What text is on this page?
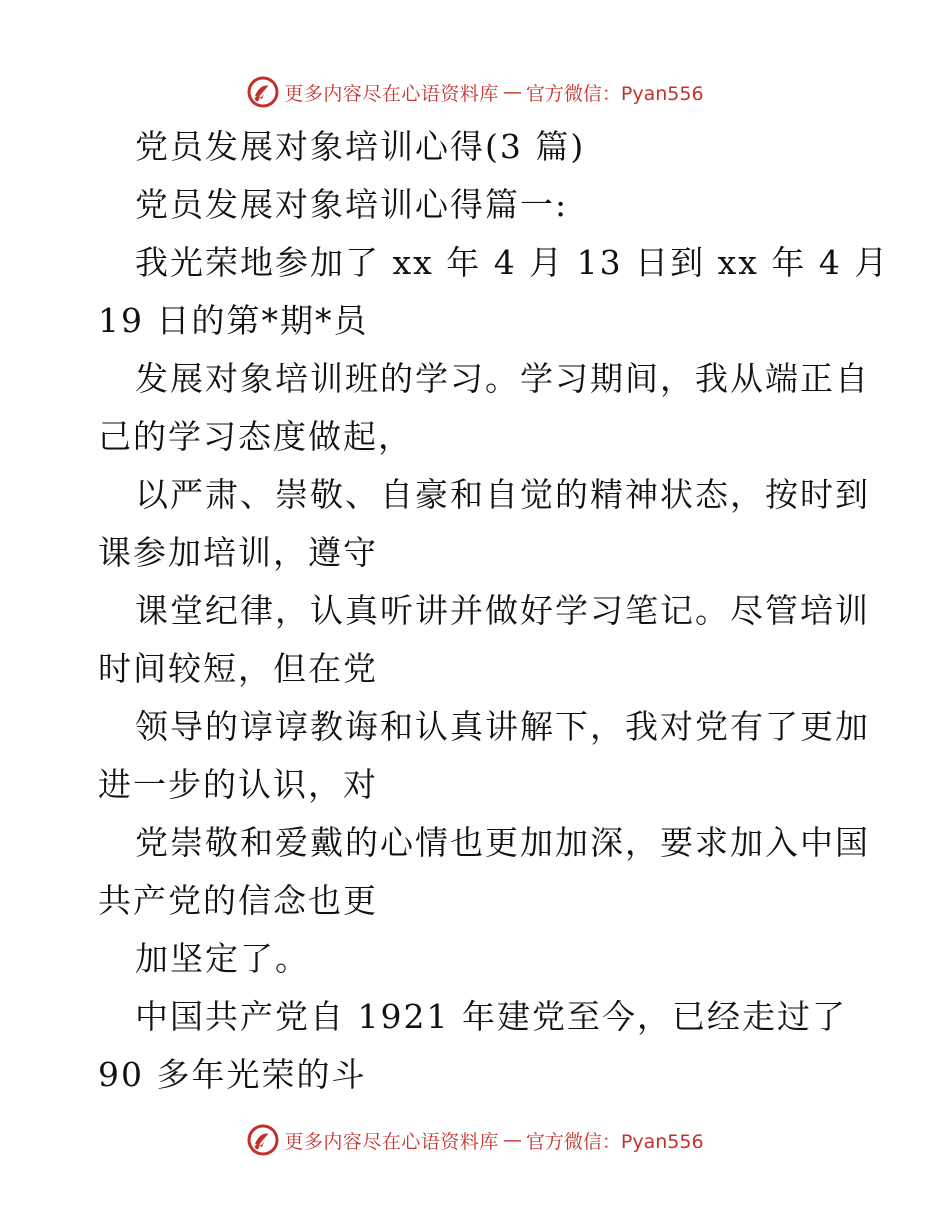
更多内容尽在心语资料库 — 官方微信：Pyan556
党员发展对象培训心得(3 篇)
党员发展对象培训心得篇一:
我光荣地参加了 xx 年 4 月 13 日到 xx 年 4 月
19 日的第*期*员
发展对象培训班的学习。学习期间，我从端正自
己的学习态度做起，
以严肃、崇敬、自豪和自觉的精神状态，按时到
课参加培训，遵守
课堂纪律，认真听讲并做好学习笔记。尽管培训
时间较短，但在党
领导的谆谆教诲和认真讲解下，我对党有了更加
进一步的认识，对
党崇敬和爱戴的心情也更加加深，要求加入中国
共产党的信念也更
加坚定了。
中国共产党自 1921 年建党至今，已经走过了
90 多年光荣的斗
更多内容尽在心语资料库 — 官方微信：Pyan556
